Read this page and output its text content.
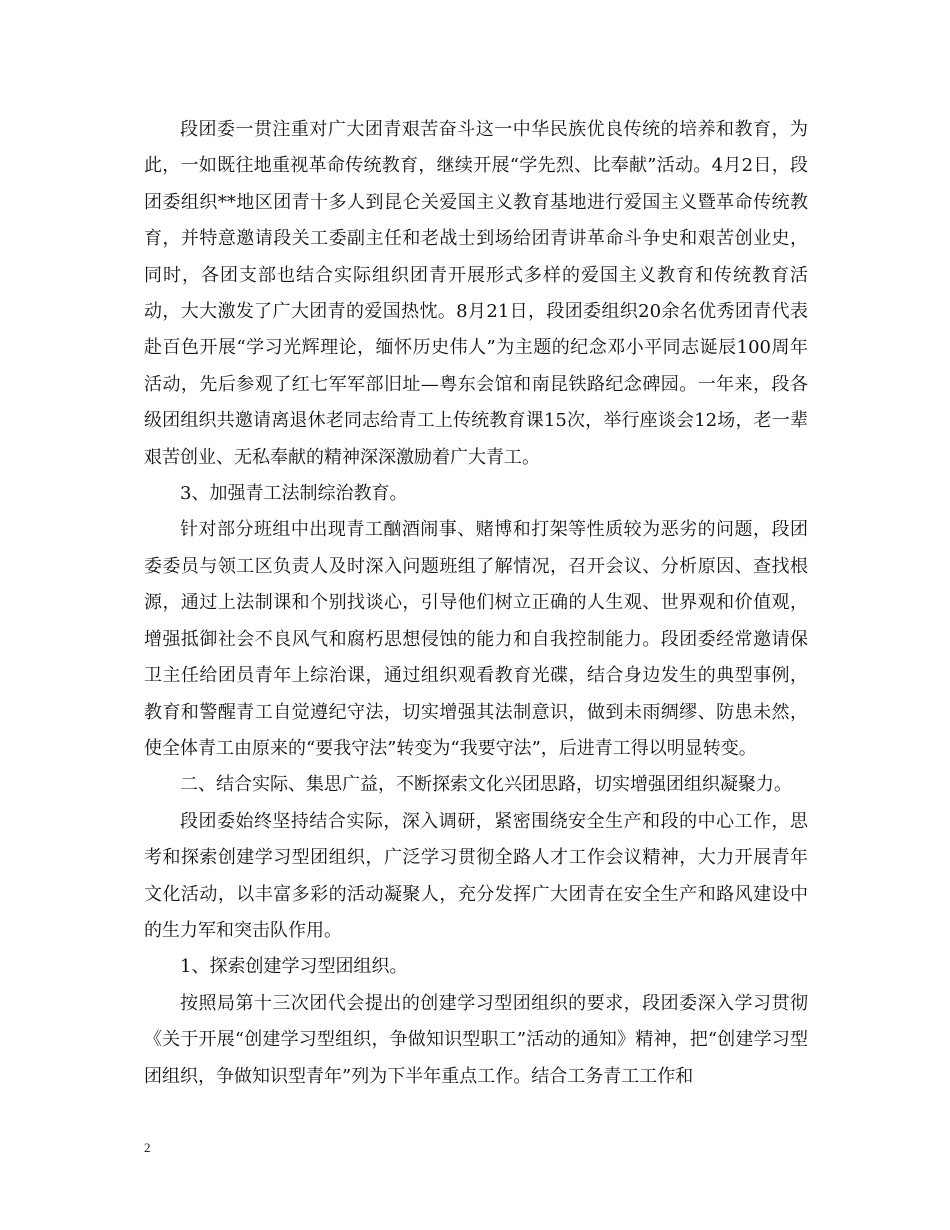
段团委一贯注重对广大团青艰苦奋斗这一中华民族优良传统的培养和教育，为此，一如既往地重视革命传统教育，继续开展“学先烈、比奉献”活动。4月2日，段团委组织**地区团青十多人到昆仑关爱国主义教育基地进行爱国主义暨革命传统教育，并特意邀请段关工委副主任和老战士到场给团青讲革命斗争史和艰苦创业史，同时，各团支部也结合实际组织团青开展形式多样的爱国主义教育和传统教育活动，大大激发了广大团青的爱国热忱。8月21日，段团委组织20余名优秀团青代表赴百色开展“学习光辉理论，缅怀历史伟人”为主题的纪念邓小平同志诞辰100周年活动，先后参观了红七军军部旧址—粤东会馆和南昆铁路纪念碑园。一年来，段各级团组织共邀请离退休老同志给青工上传统教育课15次，举行座谈会12场，老一辈艰苦创业、无私奉献的精神深深激励着广大青工。

3、加强青工法制综治教育。

针对部分班组中出现青工酗酒闹事、赌博和打架等性质较为恶劣的问题，段团委委员与领工区负责人及时深入问题班组了解情况，召开会议、分析原因、查找根源，通过上法制课和个别找谈心，引导他们树立正确的人生观、世界观和价值观，增强抵御社会不良风气和腐朽思想侵蚀的能力和自我控制能力。段团委经常邀请保卫主任给团员青年上综治课，通过组织观看教育光碟，结合身边发生的典型事例，教育和警醒青工自觉遵纪守法，切实增强其法制意识，做到未雨绸缪、防患未然，使全体青工由原来的“要我守法”转变为“我要守法”，后进青工得以明显转变。

二、结合实际、集思广益，不断探索文化兴团思路，切实增强团组织凝聚力。

段团委始终坚持结合实际，深入调研，紧密围绕安全生产和段的中心工作，思考和探索创建学习型团组织，广泛学习贯彻全路人才工作会议精神，大力开展青年文化活动，以丰富多彩的活动凝聚人，充分发挥广大团青在安全生产和路风建设中的生力军和突击队作用。

1、探索创建学习型团组织。

按照局第十三次团代会提出的创建学习型团组织的要求，段团委深入学习贯彻《关于开展“创建学习型组织，争做知识型职工”活动的通知》精神，把“创建学习型团组织，争做知识型青年”列为下半年重点工作。结合工务青工工作和

2
